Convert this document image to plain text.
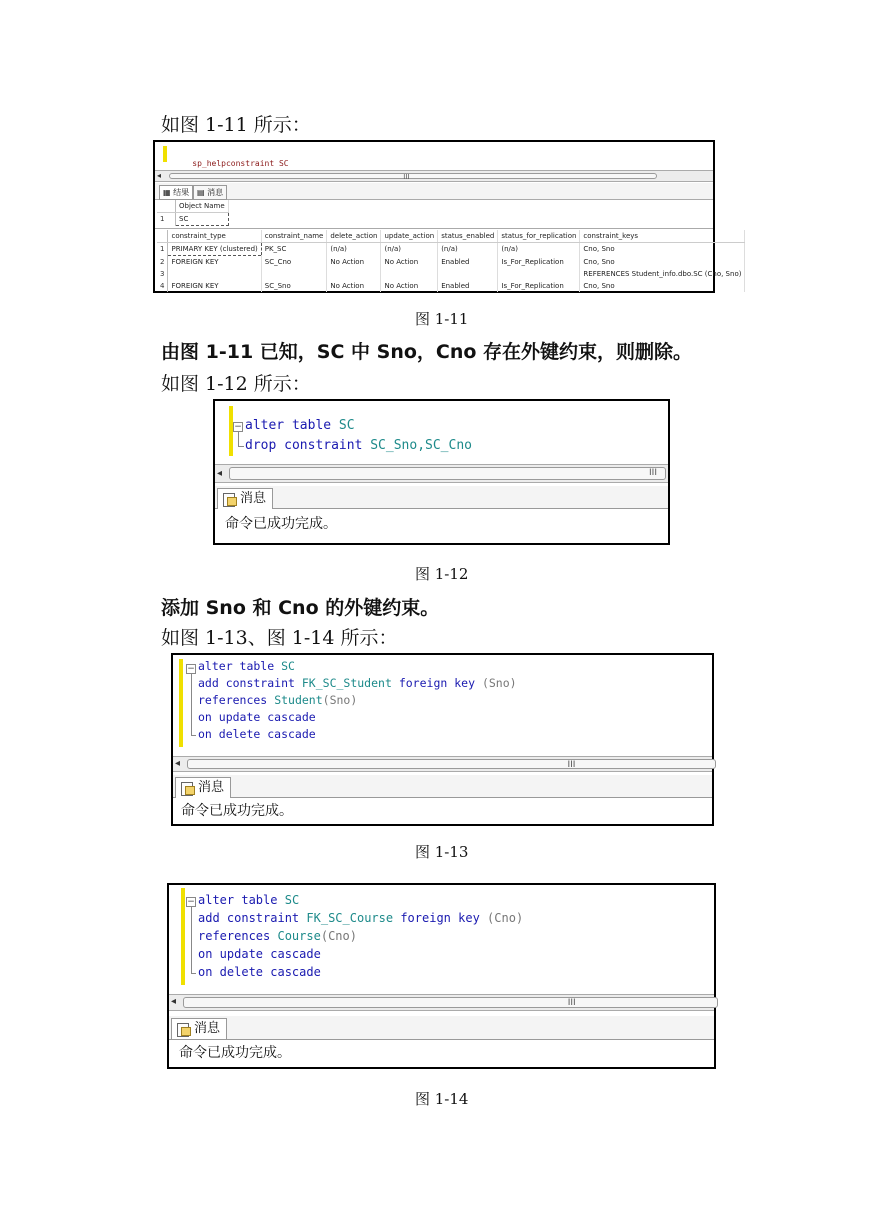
如图 1-11 所示：

sp_helpconstraint SC

◂	III
▦ 结果 ▤ 消息
	Object Name
1	SC
	constraint_type	constraint_name	delete_action	update_action	status_enabled	status_for_replication	constraint_keys
1	PRIMARY KEY (clustered)	PK_SC	(n/a)	(n/a)	(n/a)	(n/a)	Cno, Sno
2	FOREIGN KEY	SC_Cno	No Action	No Action	Enabled	Is_For_Replication	Cno, Sno
3							REFERENCES Student_info.dbo.SC (Cno, Sno)
4	FOREIGN KEY	SC_Sno	No Action	No Action	Enabled	Is_For_Replication	Cno, Sno
图 1-11
由图 1-11 已知，SC 中 Sno，Cno 存在外键约束，则删除。
如图 1-12 所示：
− alter table SC
drop constraint SC_Sno,SC_Cno
◂	III
消息
命令已成功完成。
图 1-12
添加 Sno 和 Cno 的外键约束。
如图 1-13、图 1-14 所示：
− alter table SC
add constraint FK_SC_Student foreign key (Sno)
references Student(Sno)
on update cascade
on delete cascade
◂	III
消息
命令已成功完成。
图 1-13
− alter table SC
add constraint FK_SC_Course foreign key (Cno)
references Course(Cno)
on update cascade
on delete cascade
◂	III
消息
命令已成功完成。
图 1-14
